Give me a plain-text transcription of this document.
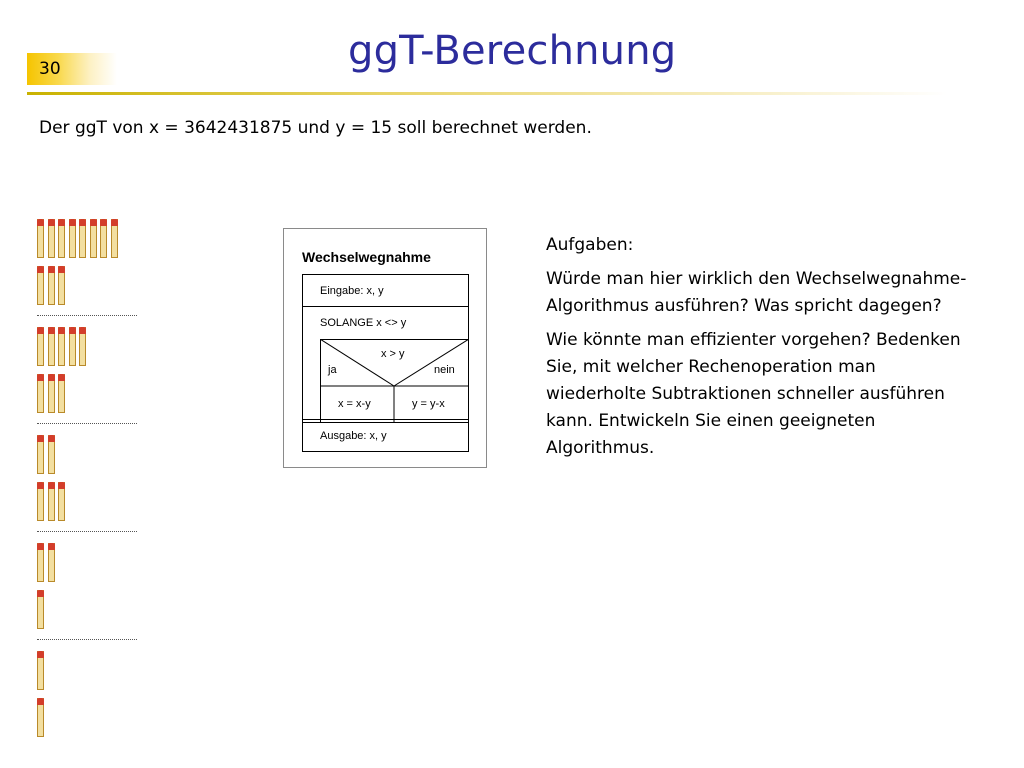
30	ggT-Berechnung
Der ggT von x = 3642431875 und y = 15 soll berechnet werden.
Wechselwegnahme
Eingabe: x, y
SOLANGE x <> y
x > y
ja	nein
x = x-y	y = y-x
Ausgabe: x, y

Aufgaben:

Würde man hier wirklich den Wechselwegnahme-Algorithmus ausführen? Was spricht dagegen?

Wie könnte man effizienter vorgehen? Bedenken Sie, mit welcher Rechenoperation man wiederholte Subtraktionen schneller ausführen kann. Entwickeln Sie einen geeigneten Algorithmus.
